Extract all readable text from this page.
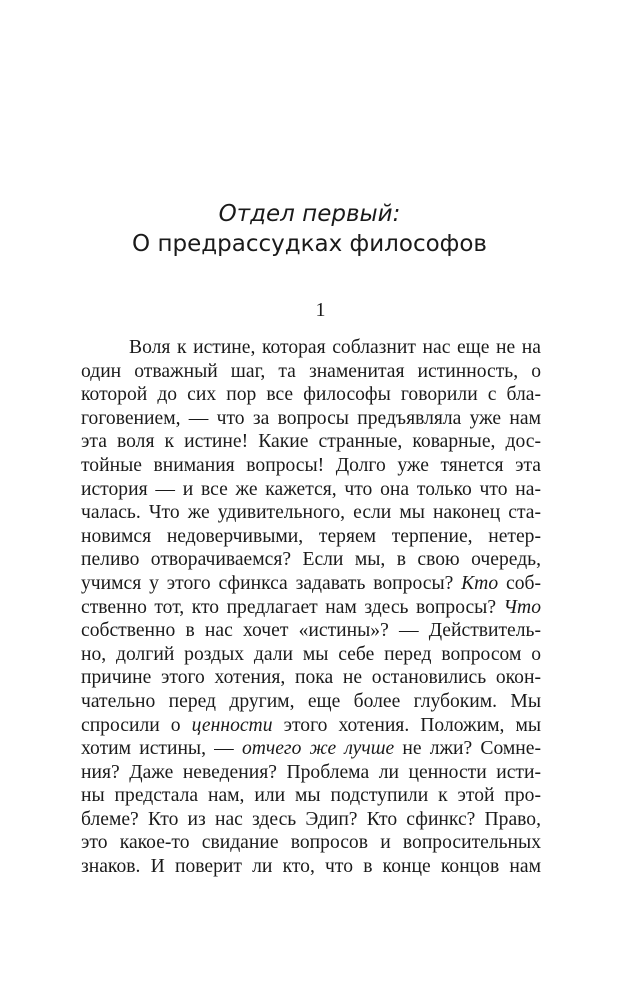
Отдел первый:
О предрассудках философов
1
Воля к истине, которая соблазнит нас еще не на
один отважный шаг, та знаменитая истинность, о
которой до сих пор все философы говорили с бла-
гоговением, — что за вопросы предъявляла уже нам
эта воля к истине! Какие странные, коварные, дос-
тойные внимания вопросы! Долго уже тянется эта
история — и все же кажется, что она только что на-
чалась. Что же удивительного, если мы наконец ста-
новимся недоверчивыми, теряем терпение, нетер-
пеливо отворачиваемся? Если мы, в свою очередь,
учимся у этого сфинкса задавать вопросы? Кто соб-
ственно тот, кто предлагает нам здесь вопросы? Что
собственно в нас хочет «истины»? — Действитель-
но, долгий роздых дали мы себе перед вопросом о
причине этого хотения, пока не остановились окон-
чательно перед другим, еще более глубоким. Мы
спросили о ценности этого хотения. Положим, мы
хотим истины, — отчего же лучше не лжи? Сомне-
ния? Даже неведения? Проблема ли ценности исти-
ны предстала нам, или мы подступили к этой про-
блеме? Кто из нас здесь Эдип? Кто сфинкс? Право,
это какое-то свидание вопросов и вопросительных
знаков. И поверит ли кто, что в конце концов нам
